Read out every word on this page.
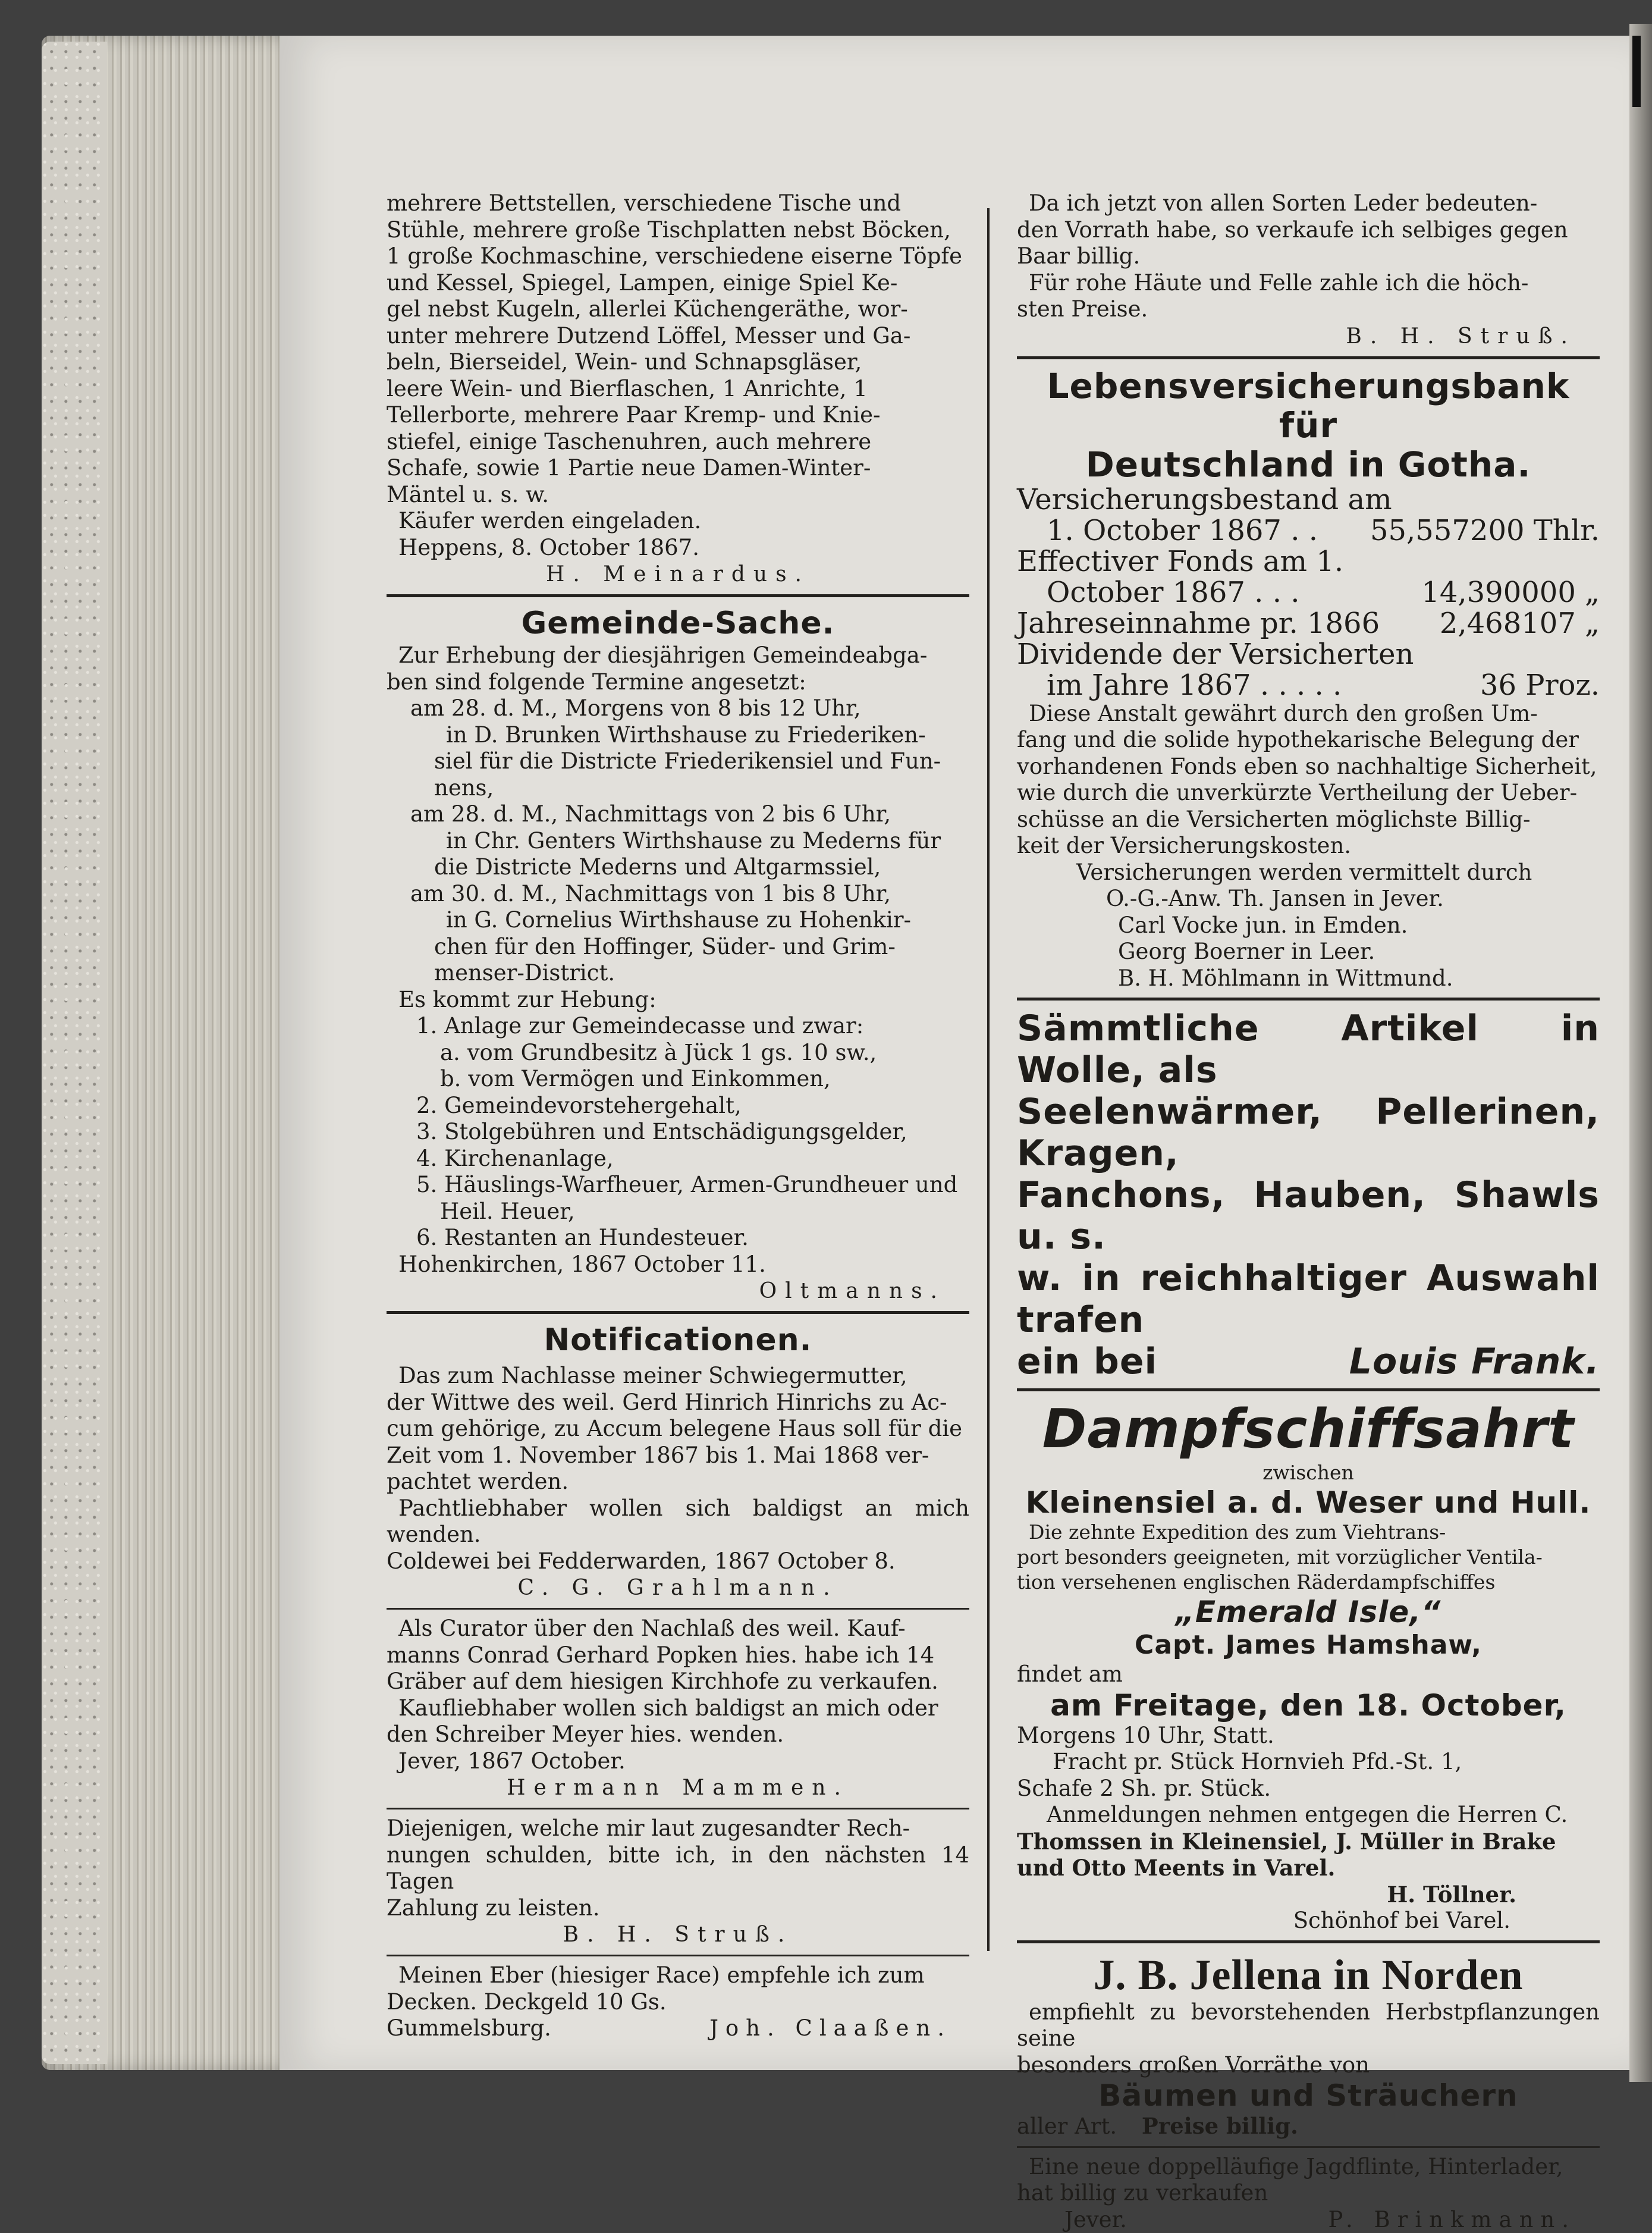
mehrere Bettstellen, verschiedene Tische und

Stühle, mehrere große Tischplatten nebst Böcken,

1 große Kochmaschine, verschiedene eiserne Töpfe

und Kessel, Spiegel, Lampen, einige Spiel Ke-

gel nebst Kugeln, allerlei Küchengeräthe, wor-

unter mehrere Dutzend Löffel, Messer und Ga-

beln, Bierseidel, Wein- und Schnapsgläser,

leere Wein- und Bierflaschen, 1 Anrichte, 1

Tellerborte, mehrere Paar Kremp- und Knie-

stiefel, einige Taschenuhren, auch mehrere

Schafe, sowie 1 Partie neue Damen-Winter-

Mäntel u. s. w.

Käufer werden eingeladen.

Heppens, 8. October 1867.

H. Meinardus.

Gemeinde-Sache.

Zur Erhebung der diesjährigen Gemeindeabga-

ben sind folgende Termine angesetzt:

am 28. d. M., Morgens von 8 bis 12 Uhr,

in D. Brunken Wirthshause zu Friederiken-

siel für die Districte Friederikensiel und Fun-

nens,

am 28. d. M., Nachmittags von 2 bis 6 Uhr,

in Chr. Genters Wirthshause zu Mederns für

die Districte Mederns und Altgarmssiel,

am 30. d. M., Nachmittags von 1 bis 8 Uhr,

in G. Cornelius Wirthshause zu Hohenkir-

chen für den Hoffinger, Süder- und Grim-

menser-District.

Es kommt zur Hebung:

1. Anlage zur Gemeindecasse und zwar:

a. vom Grundbesitz à Jück 1 gs. 10 sw.,

b. vom Vermögen und Einkommen,

2. Gemeindevorstehergehalt,

3. Stolgebühren und Entschädigungsgelder,

4. Kirchenanlage,

5. Häuslings-Warfheuer, Armen-Grundheuer und

Heil. Heuer,

6. Restanten an Hundesteuer.

Hohenkirchen, 1867 October 11.

Oltmanns.

Notificationen.

Das zum Nachlasse meiner Schwiegermutter,

der Wittwe des weil. Gerd Hinrich Hinrichs zu Ac-

cum gehörige, zu Accum belegene Haus soll für die

Zeit vom 1. November 1867 bis 1. Mai 1868 ver-

pachtet werden.

Pachtliebhaber wollen sich baldigst an mich wenden.

Coldewei bei Fedderwarden, 1867 October 8.

C. G. Grahlmann.

Als Curator über den Nachlaß des weil. Kauf-

manns Conrad Gerhard Popken hies. habe ich 14

Gräber auf dem hiesigen Kirchhofe zu verkaufen.

Kaufliebhaber wollen sich baldigst an mich oder

den Schreiber Meyer hies. wenden.

Jever, 1867 October.

Hermann Mammen.

Diejenigen, welche mir laut zugesandter Rech-

nungen schulden, bitte ich, in den nächsten 14 Tagen

Zahlung zu leisten.

B. H. Struß.

Meinen Eber (hiesiger Race) empfehle ich zum

Decken. Deckgeld 10 Gs.

Gummelsburg.	Joh. Claaßen.

Da ich jetzt von allen Sorten Leder bedeuten-

den Vorrath habe, so verkaufe ich selbiges gegen

Baar billig.

Für rohe Häute und Felle zahle ich die höch-

sten Preise.

B. H. Struß.

Lebensversicherungsbank für

Deutschland in Gotha.

Versicherungsbestand am
1. October 1867 . . 55,557200 Thlr.
Effectiver Fonds am 1.
October 1867 . . .	14,390000 „
Jahreseinnahme pr. 1866 2,468107 „
Dividende der Versicherten
im Jahre 1867 . . . . .	36 Proz.

Diese Anstalt gewährt durch den großen Um-

fang und die solide hypothekarische Belegung der

vorhandenen Fonds eben so nachhaltige Sicherheit,

wie durch die unverkürzte Vertheilung der Ueber-

schüsse an die Versicherten möglichste Billig-

keit der Versicherungskosten.

Versicherungen werden vermittelt durch

O.-G.-Anw. Th. Jansen in Jever.

Carl Vocke jun. in Emden.

Georg Boerner in Leer.

B. H. Möhlmann in Wittmund.

Sämmtliche Artikel in Wolle, als

Seelenwärmer, Pellerinen, Kragen,

Fanchons, Hauben, Shawls u. s.

w. in reichhaltiger Auswahl trafen

ein bei	Louis Frank.

Dampfschiffsahrt

zwischen

Kleinensiel a. d. Weser und Hull.

Die zehnte Expedition des zum Viehtrans-

port besonders geeigneten, mit vorzüglicher Ventila-

tion versehenen englischen Räderdampfschiffes

„Emerald Isle,“

Capt. James Hamshaw,

findet am

am Freitage, den 18. October,

Morgens 10 Uhr, Statt.

Fracht pr. Stück Hornvieh Pfd.-St. 1,

Schafe 2 Sh. pr. Stück.

Anmeldungen nehmen entgegen die Herren C.

Thomssen in Kleinensiel, J. Müller in Brake

und Otto Meents in Varel.

H. Töllner.

Schönhof bei Varel.

J. B. Jellena in Norden

empfiehlt zu bevorstehenden Herbstpflanzungen seine

besonders großen Vorräthe von

Bäumen und Sträuchern

aller Art. Preise billig.

Eine neue doppelläufige Jagdflinte, Hinterlader,

hat billig zu verkaufen

Jever.	P. Brinkmann.
